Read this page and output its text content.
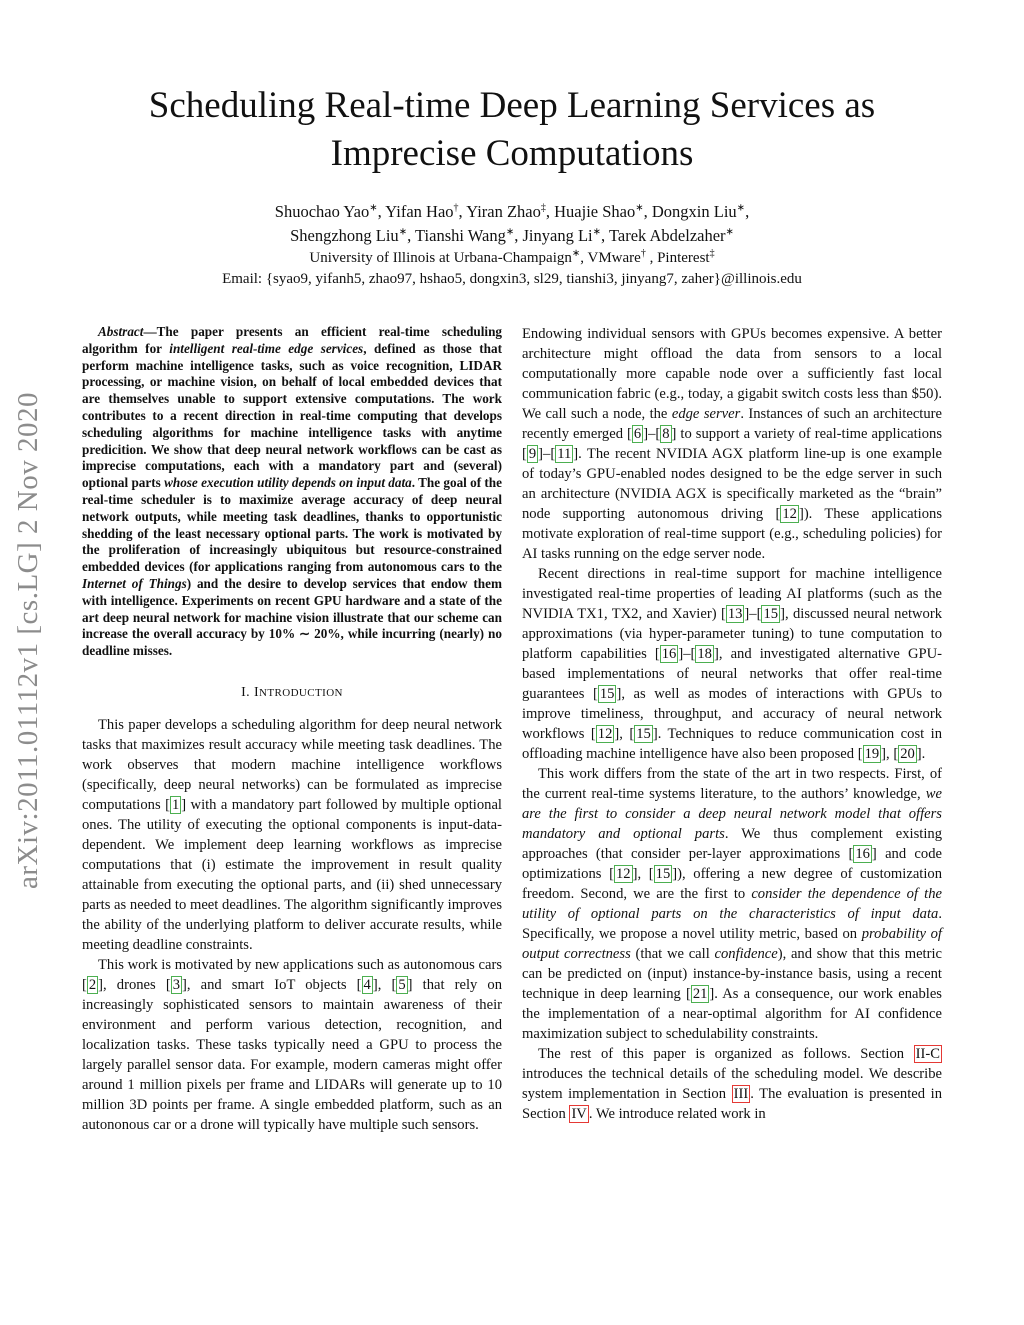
arXiv:2011.01112v1 [cs.LG] 2 Nov 2020
Scheduling Real-time Deep Learning Services as
Imprecise Computations
Shuochao Yao∗, Yifan Hao†, Yiran Zhao‡, Huajie Shao∗, Dongxin Liu∗,
Shengzhong Liu∗, Tianshi Wang∗, Jinyang Li∗, Tarek Abdelzaher∗
University of Illinois at Urbana-Champaign∗, VMware† , Pinterest‡
Email: {syao9, yifanh5, zhao97, hshao5, dongxin3, sl29, tianshi3, jinyang7, zaher}@illinois.edu

Abstract—The paper presents an efficient real-time scheduling algorithm for intelligent real-time edge services, defined as those that perform machine intelligence tasks, such as voice recognition, LIDAR processing, or machine vision, on behalf of local embedded devices that are themselves unable to support extensive computations. The work contributes to a recent direction in real-time computing that develops scheduling algorithms for machine intelligence tasks with anytime predicition. We show that deep neural network workflows can be cast as imprecise computations, each with a mandatory part and (several) optional parts whose execution utility depends on input data. The goal of the real-time scheduler is to maximize average accuracy of deep neural network outputs, while meeting task deadlines, thanks to opportunistic shedding of the least necessary optional parts. The work is motivated by the proliferation of increasingly ubiquitous but resource-constrained embedded devices (for applications ranging from autonomous cars to the Internet of Things) and the desire to develop services that endow them with intelligence. Experiments on recent GPU hardware and a state of the art deep neural network for machine vision illustrate that our scheme can increase the overall accuracy by 10% ∼ 20%, while incurring (nearly) no deadline misses.

I. INTRODUCTION

This paper develops a scheduling algorithm for deep neural network tasks that maximizes result accuracy while meeting task deadlines. The work observes that modern machine intelligence workflows (specifically, deep neural networks) can be formulated as imprecise computations [ 1 ] with a mandatory part followed by multiple optional ones. The utility of executing the optional components is input-data-dependent. We implement deep learning workflows as imprecise computations that (i) estimate the improvement in result quality attainable from executing the optional parts, and (ii) shed unnecessary parts as needed to meet deadlines. The algorithm significantly improves the ability of the underlying platform to deliver accurate results, while meeting deadline constraints.

This work is motivated by new applications such as autonomous cars [ 2 ], drones [ 3 ], and smart IoT objects [ 4 ], [ 5 ] that rely on increasingly sophisticated sensors to maintain awareness of their environment and perform various detection, recognition, and localization tasks. These tasks typically need a GPU to process the largely parallel sensor data. For example, modern cameras might offer around 1 million pixels per frame and LIDARs will generate up to 10 million 3D points per frame. A single embedded platform, such as an autononous car or a drone will typically have multiple such sensors.

Endowing individual sensors with GPUs becomes expensive. A better architecture might offload the data from sensors to a local computationally more capable node over a sufficiently fast local communication fabric (e.g., today, a gigabit switch costs less than $50). We call such a node, the edge server. Instances of such an architecture recently emerged [ 6 ]–[ 8 ] to support a variety of real-time applications [ 9 ]–[ 11 ]. The recent NVIDIA AGX platform line-up is one example of today’s GPU-enabled nodes designed to be the edge server in such an architecture (NVIDIA AGX is specifically marketed as the “brain” node supporting autonomous driving [ 12 ]). These applications motivate exploration of real-time support (e.g., scheduling policies) for AI tasks running on the edge server node.

Recent directions in real-time support for machine intelligence investigated real-time properties of leading AI platforms (such as the NVIDIA TX1, TX2, and Xavier) [ 13 ]–[ 15 ], discussed neural network approximations (via hyper-parameter tuning) to tune computation to platform capabilities [ 16 ]–[ 18 ], and investigated alternative GPU-based implementations of neural networks that offer real-time guarantees [ 15 ], as well as modes of interactions with GPUs to improve timeliness, throughput, and accuracy of neural network workflows [ 12 ], [ 15 ]. Techniques to reduce communication cost in offloading machine intelligence have also been proposed [ 19 ], [ 20 ].

This work differs from the state of the art in two respects. First, of the current real-time systems literature, to the authors’ knowledge, we are the first to consider a deep neural network model that offers mandatory and optional parts. We thus complement existing approaches (that consider per-layer approximations [ 16 ] and code optimizations [ 12 ], [ 15 ]), offering a new degree of customization freedom. Second, we are the first to consider the dependence of the utility of optional parts on the characteristics of input data. Specifically, we propose a novel utility metric, based on probability of output correctness (that we call confidence), and show that this metric can be predicted on (input) instance-by-instance basis, using a recent technique in deep learning [ 21 ]. As a consequence, our work enables the implementation of a near-optimal algorithm for AI confidence maximization subject to schedulability constraints.

The rest of this paper is organized as follows. Section II-C introduces the technical details of the scheduling model. We describe system implementation in Section III . The evaluation is presented in Section IV . We introduce related work in
